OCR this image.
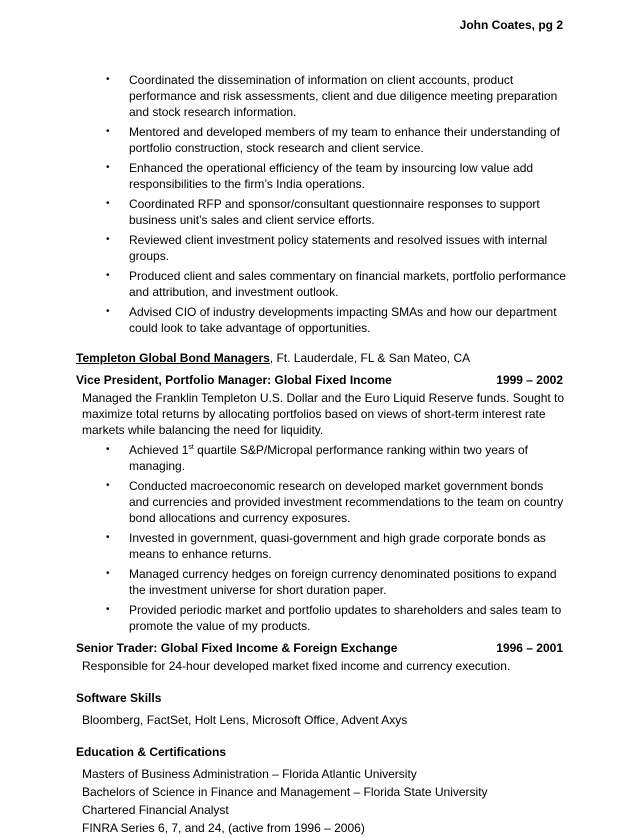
John Coates, pg 2
• Coordinated the dissemination of information on client accounts, product performance and risk assessments, client and due diligence meeting preparation and stock research information.
• Mentored and developed members of my team to enhance their understanding of portfolio construction, stock research and client service.
• Enhanced the operational efficiency of the team by insourcing low value add responsibilities to the firm’s India operations.
• Coordinated RFP and sponsor/consultant questionnaire responses to support business unit’s sales and client service efforts.
• Reviewed client investment policy statements and resolved issues with internal groups.
• Produced client and sales commentary on financial markets, portfolio performance and attribution, and investment outlook.
• Advised CIO of industry developments impacting SMAs and how our department could look to take advantage of opportunities.
Templeton Global Bond Managers, Ft. Lauderdale, FL & San Mateo, CA
Vice President, Portfolio Manager: Global Fixed Income	1999 – 2002
Managed the Franklin Templeton U.S. Dollar and the Euro Liquid Reserve funds. Sought to maximize total returns by allocating portfolios based on views of short-term interest rate markets while balancing the need for liquidity.
• Achieved 1st quartile S&P/Micropal performance ranking within two years of managing.
• Conducted macroeconomic research on developed market government bonds and currencies and provided investment recommendations to the team on country bond allocations and currency exposures.
• Invested in government, quasi-government and high grade corporate bonds as means to enhance returns.
• Managed currency hedges on foreign currency denominated positions to expand the investment universe for short duration paper.
• Provided periodic market and portfolio updates to shareholders and sales team to promote the value of my products.
Senior Trader: Global Fixed Income & Foreign Exchange	1996 – 2001
Responsible for 24-hour developed market fixed income and currency execution.
Software Skills
Bloomberg, FactSet, Holt Lens, Microsoft Office, Advent Axys
Education & Certifications
Masters of Business Administration – Florida Atlantic University
Bachelors of Science in Finance and Management – Florida State University
Chartered Financial Analyst
FINRA Series 6, 7, and 24, (active from 1996 – 2006)
